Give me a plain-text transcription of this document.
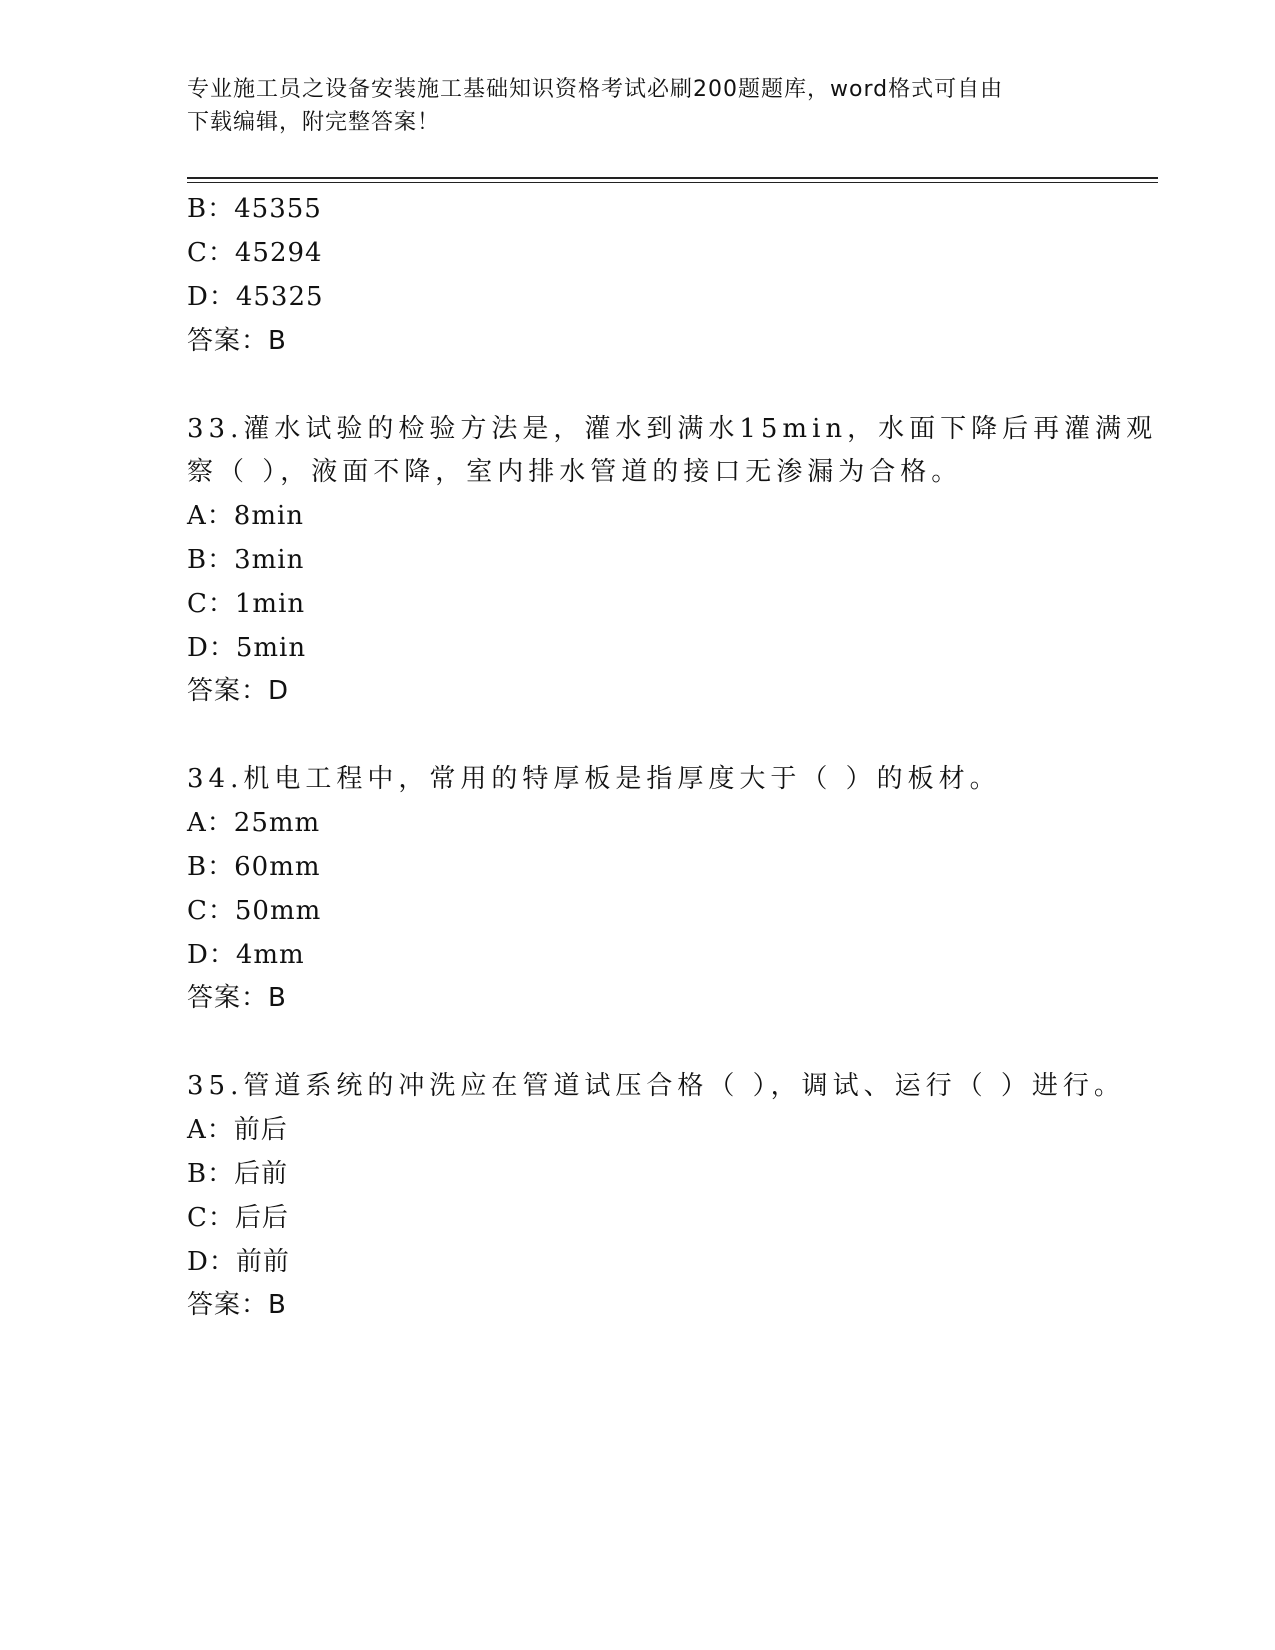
专业施工员之设备安装施工基础知识资格考试必刷200题题库，word格式可自由
下载编辑，附完整答案！
B：45355
C：45294
D：45325
答案：B
33.灌水试验的检验方法是，灌水到满水15min，水面下降后再灌满观
察（ ），液面不降，室内排水管道的接口无渗漏为合格。
A：8min
B：3min
C：1min
D：5min
答案：D
34.机电工程中，常用的特厚板是指厚度大于（ ）的板材。
A：25mm
B：60mm
C：50mm
D：4mm
答案：B
35.管道系统的冲洗应在管道试压合格（ ），调试、运行（ ）进行。
A：前后
B：后前
C：后后
D：前前
答案：B
